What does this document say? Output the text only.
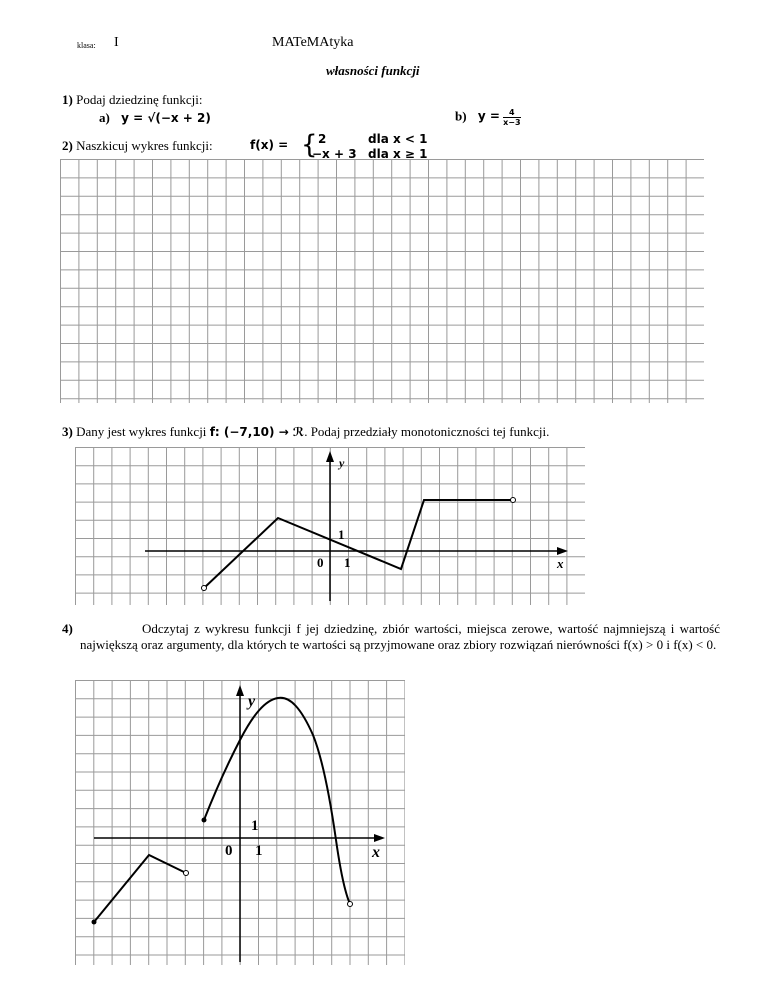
klasa: I	MATeMAtyka
własności funkcji
1) Podaj dziedzinę funkcji:
a) y = √(−x + 2)	b) $y = \frac{4}{x-3}$
2) Naszkicuj wykres funkcji:	f(x) = { 2	dla x < 1
−x + 3 dla x ≥ 1
3) Dany jest wykres funkcji f: (−7,10) → ℛ. Podaj przedziały monotoniczności tej funkcji.
y
x
0 1
1
4)	Odczytaj z wykresu funkcji f jej dziedzinę, zbiór wartości, miejsca zerowe, wartość najmniejszą i wartość największą oraz argumenty, dla których te wartości są przyjmowane oraz zbiory rozwiązań nierówności f(x) > 0 i f(x) < 0.
y
x
0 1
1
